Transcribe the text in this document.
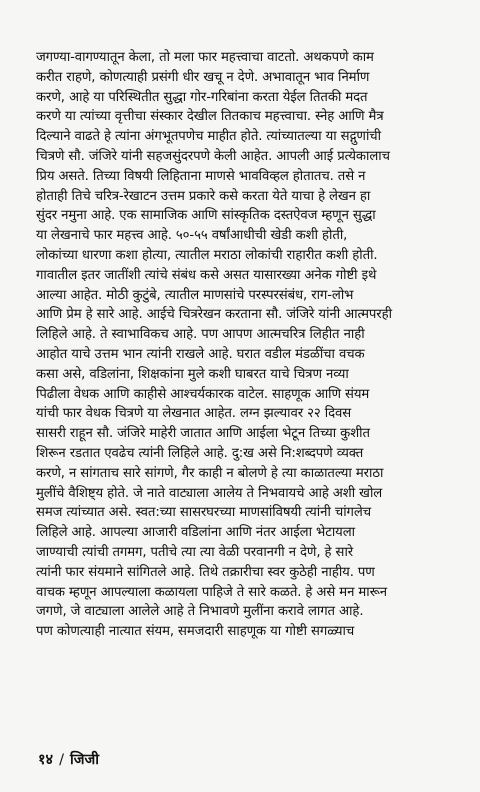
जगण्या-वागण्यातून केला, तो मला फार महत्त्वाचा वाटतो. अथकपणे काम
करीत राहणे, कोणत्याही प्रसंगी धीर खचू न देणे. अभावातून भाव निर्माण
करणे, आहे या परिस्थितीत सुद्धा गोर-गरिबांना करता येईल तितकी मदत
करणे या त्यांच्या वृत्तीचा संस्कार देखील तितकाच महत्त्वाचा. स्नेह आणि मैत्र
दिल्याने वाढते हे त्यांना अंगभूतपणेच माहीत होते. त्यांच्यातल्या या सद्गुणांची
चित्रणे सौ. जंजिरे यांनी सहजसुंदरपणे केली आहेत. आपली आई प्रत्येकालाच
प्रिय असते. तिच्या विषयी लिहिताना माणसे भावविव्हल होतातच. तसे न
होताही तिचे चरित्र-रेखाटन उत्तम प्रकारे कसे करता येते याचा हे लेखन हा
सुंदर नमुना आहे. एक सामाजिक आणि सांस्कृतिक दस्तऐवज म्हणून सुद्धा
या लेखनाचे फार महत्त्व आहे. ५०-५५ वर्षांआधीची खेडी कशी होती,
लोकांच्या धारणा कशा होत्या, त्यातील मराठा लोकांची राहारीत कशी होती.
गावातील इतर जातींशी त्यांचे संबंध कसे असत यासारख्या अनेक गोष्टी इथे
आल्या आहेत. मोठी कुटुंबे, त्यातील माणसांचे परस्परसंबंध, राग-लोभ
आणि प्रेम हे सारे आहे. आईचे चित्ररेखन करताना सौ. जंजिरे यांनी आत्मपरही
लिहिले आहे. ते स्वाभाविकच आहे. पण आपण आत्मचरित्र लिहीत नाही
आहोत याचे उत्तम भान त्यांनी राखले आहे. घरात वडील मंडळींचा वचक
कसा असे, वडिलांना, शिक्षकांना मुले कशी घाबरत याचे चित्रण नव्या
पिढीला वेधक आणि काहीसे आश्चर्यकारक वाटेल. साहणूक आणि संयम
यांची फार वेधक चित्रणे या लेखनात आहेत. लग्न झल्यावर २२ दिवस
सासरी राहून सौ. जंजिरे माहेरी जातात आणि आईला भेटून तिच्या कुशीत
शिरून रडतात एवढेच त्यांनी लिहिले आहे. दु:ख असे नि:शब्दपणे व्यक्त
करणे, न सांगताच सारे सांगणे, गैर काही न बोलणे हे त्या काळातल्या मराठा
मुलींचे वैशिष्ट्य होते. जे नाते वाट्याला आलेय ते निभवायचे आहे अशी खोल
समज त्यांच्यात असे. स्वत:च्या सासरघरच्या माणसांविषयी त्यांनी चांगलेच
लिहिले आहे. आपल्या आजारी वडिलांना आणि नंतर आईला भेटायला
जाण्याची त्यांची तगमग, पतीचे त्या त्या वेळी परवानगी न देणे, हे सारे
त्यांनी फार संयमाने सांगितले आहे. तिथे तक्रारीचा स्वर कुठेही नाहीय. पण
वाचक म्हणून आपल्याला कळायला पाहिजे ते सारे कळते. हे असे मन मारून
जगणे, जे वाट्याला आलेले आहे ते निभावणे मुलींना करावे लागत आहे.
पण कोणत्याही नात्यात संयम, समजदारी साहणूक या गोष्टी सगळ्याच
१४ / जिजी
